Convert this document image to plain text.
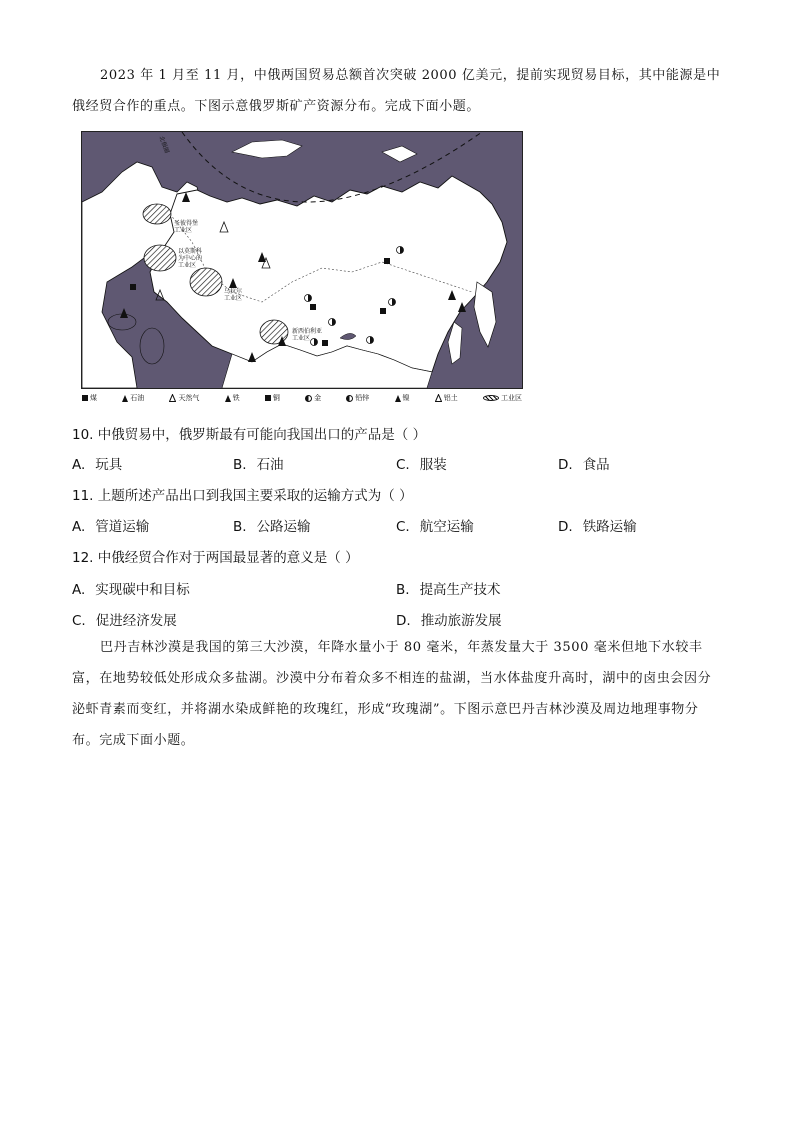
2023 年 1 月至 11 月，中俄两国贸易总额首次突破 2000 亿美元，提前实现贸易目标，其中能源是中俄经贸合作的重点。下图示意俄罗斯矿产资源分布。完成下面小题。

北极圈
圣彼得堡
工业区
以莫斯科
为中心的
工业区
乌拉尔
工业区
新西伯利亚
工业区
煤	石油	天然气	铁	铜	金	铅锌	镍	铝土	工业区
10. 中俄贸易中，俄罗斯最有可能向我国出口的产品是（ ）
A. 玩具	B. 石油	C. 服装	D. 食品
11. 上题所述产品出口到我国主要采取的运输方式为（ ）
A. 管道运输	B. 公路运输	C. 航空运输	D. 铁路运输
12. 中俄经贸合作对于两国最显著的意义是（ ）
A. 实现碳中和目标	B. 提高生产技术
C. 促进经济发展	D. 推动旅游发展

巴丹吉林沙漠是我国的第三大沙漠，年降水量小于 80 毫米，年蒸发量大于 3500 毫米但地下水较丰富，在地势较低处形成众多盐湖。沙漠中分布着众多不相连的盐湖，当水体盐度升高时，湖中的卤虫会因分泌虾青素而变红，并将湖水染成鲜艳的玫瑰红，形成“玫瑰湖”。下图示意巴丹吉林沙漠及周边地理事物分布。完成下面小题。
